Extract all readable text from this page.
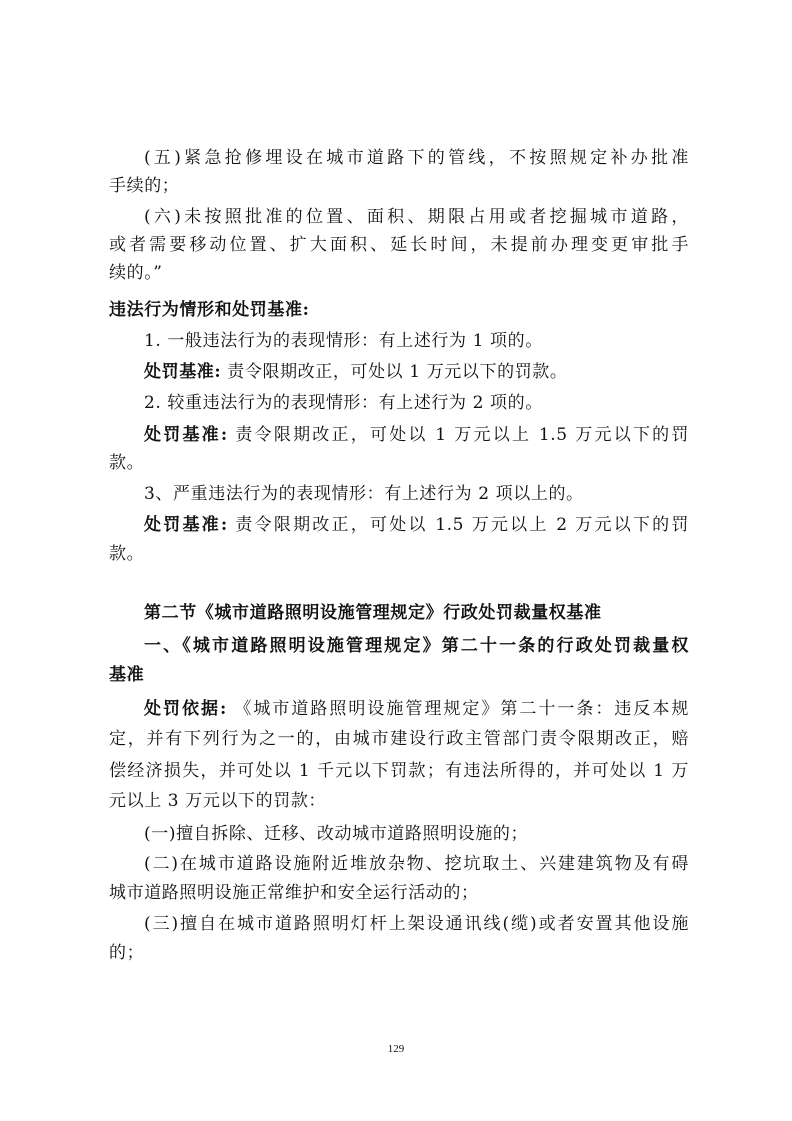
(五)紧急抢修埋设在城市道路下的管线，不按照规定补办批准
手续的；
(六)未按照批准的位置、面积、期限占用或者挖掘城市道路，
或者需要移动位置、扩大面积、延长时间，未提前办理变更审批手
续的。”
违法行为情形和处罚基准:
1. 一般违法行为的表现情形：有上述行为 1 项的。
处罚基准: 责令限期改正，可处以 1 万元以下的罚款。
2. 较重违法行为的表现情形：有上述行为 2 项的。
处罚基准: 责令限期改正，可处以 1 万元以上 1.5 万元以下的罚
款。
3、严重违法行为的表现情形：有上述行为 2 项以上的。
处罚基准: 责令限期改正，可处以 1.5 万元以上 2 万元以下的罚
款。
第二节《城市道路照明设施管理规定》行政处罚裁量权基准
一、《城市道路照明设施管理规定》第二十一条的行政处罚裁量权
基准
处罚依据: 《城市道路照明设施管理规定》第二十一条：违反本规
定，并有下列行为之一的，由城市建设行政主管部门责令限期改正，赔
偿经济损失，并可处以 1 千元以下罚款；有违法所得的，并可处以 1 万
元以上 3 万元以下的罚款：
(一)擅自拆除、迁移、改动城市道路照明设施的；
(二)在城市道路设施附近堆放杂物、挖坑取土、兴建建筑物及有碍
城市道路照明设施正常维护和安全运行活动的；
(三)擅自在城市道路照明灯杆上架设通讯线(缆)或者安置其他设施
的；
129
